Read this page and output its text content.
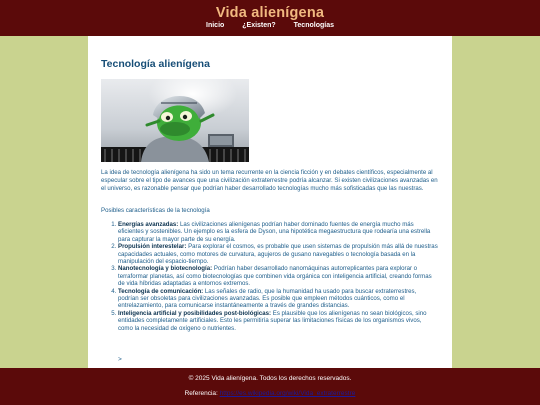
Vida alienígena
Inicio	¿Existen?	Tecnologías
Tecnología alienígena

La idea de tecnología alienígena ha sido un tema recurrente en la ciencia ficción y en debates científicos, especialmente al especular sobre el tipo de avances que una civilización extraterrestre podría alcanzar. Si existen civilizaciones avanzadas en el universo, es razonable pensar que podrían haber desarrollado tecnologías mucho más sofisticadas que las nuestras.

Posibles características de la tecnología

1. Energías avanzadas: Las civilizaciones alienígenas podrían haber dominado fuentes de energía mucho más eficientes y sostenibles. Un ejemplo es la esfera de Dyson, una hipotética megaestructura que rodearía una estrella para capturar la mayor parte de su energía.
2. Propulsión interestelar: Para explorar el cosmos, es probable que usen sistemas de propulsión más allá de nuestras capacidades actuales, como motores de curvatura, agujeros de gusano navegables o tecnología basada en la manipulación del espacio-tiempo.
3. Nanotecnología y biotecnología: Podrían haber desarrollado nanomáquinas autorreplicantes para explorar o terraformar planetas, así como biotecnologías que combinen vida orgánica con inteligencia artificial, creando formas de vida híbridas adaptadas a entornos extremos.
4. Tecnología de comunicación: Las señales de radio, que la humanidad ha usado para buscar extraterrestres, podrían ser obsoletas para civilizaciones avanzadas. Es posible que empleen métodos cuánticos, como el entrelazamiento, para comunicarse instantáneamente a través de grandes distancias.
5. Inteligencia artificial y posibilidades post-biológicas: Es plausible que los alienígenas no sean biológicos, sino entidades completamente artificiales. Esto les permitiría superar las limitaciones físicas de los organismos vivos, como la necesidad de oxígeno o nutrientes.
>
© 2025 Vida alienígena. Todos los derechos reservados.
Referencia: https://es.wikipedia.org/wiki/Vida_extraterrestre
